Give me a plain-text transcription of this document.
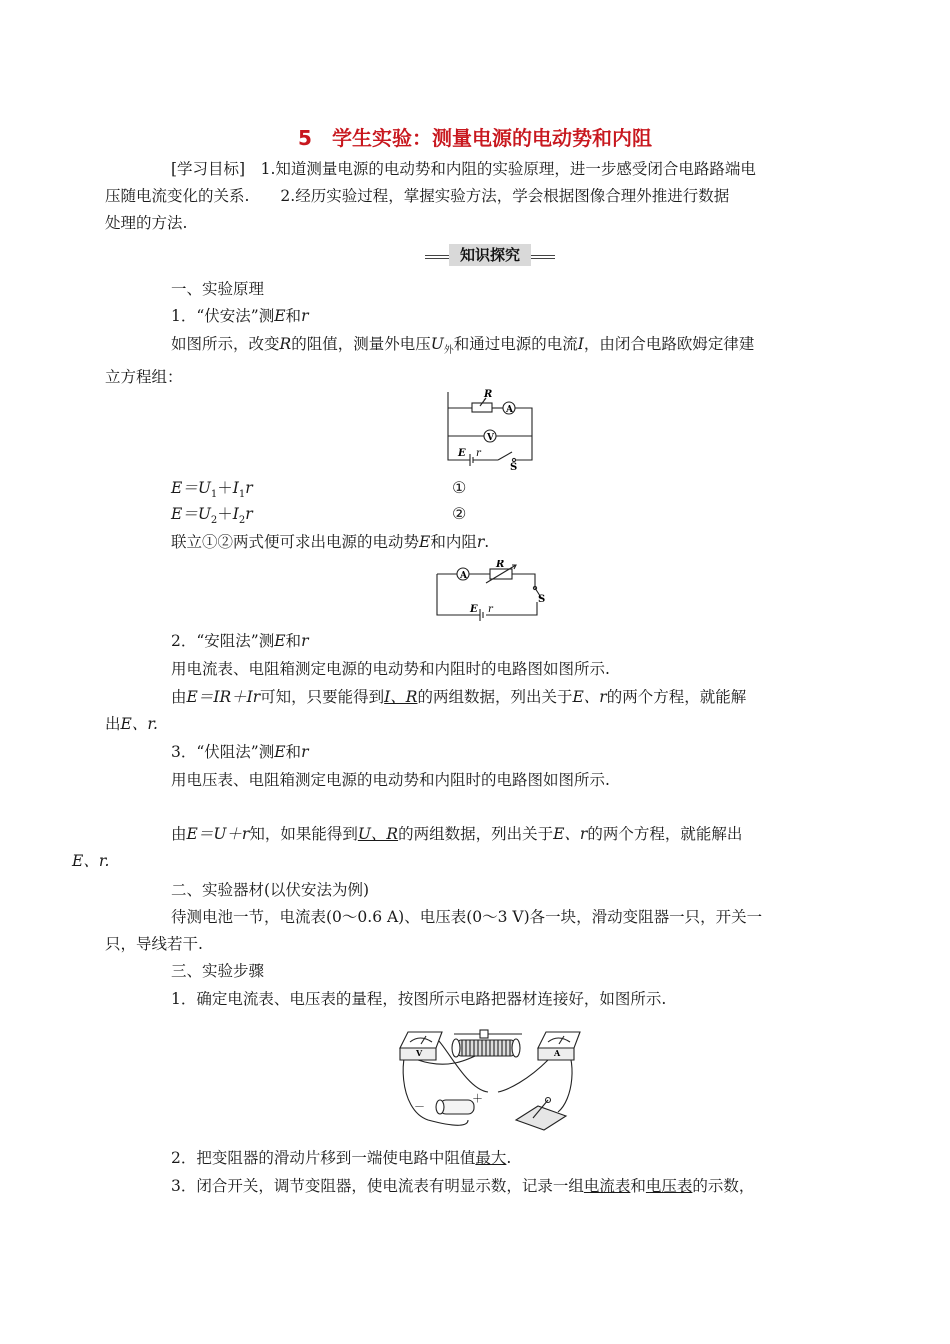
5　学生实验：测量电源的电动势和内阻

[学习目标]　 1.知道测量电源的电动势和内阻的实验原理，进一步感受闭合电路路端电
压随电流变化的关系.　　2.经历实验过程，掌握实验方法，学会根据图像合理外推进行数据
处理的方法.

知识探究

一、实验原理

1．“伏安法”测E和r

如图所示，改变R的阻值，测量外电压$U_外$和通过电源的电流I，由闭合电路欧姆定律建
立方程组：

R
A
V
E r
S
$E=U_1+I_1r$	①
$E=U_2+I_2r$	②

联立①②两式便可求出电源的电动势E和内阻r.

A
R
S
E r

2．“安阻法”测E和r

用电流表、电阻箱测定电源的电动势和内阻时的电路图如图所示.

由E＝IR＋Ir可知，只要能得到I、R的两组数据，列出关于E、r的两个方程，就能解
出E、r.

3．“伏阻法”测E和r

用电压表、电阻箱测定电源的电动势和内阻时的电路图如图所示.

由E＝U＋r知，如果能得到U、R的两组数据，列出关于E、r的两个方程，就能解出
E、r.

二、实验器材(以伏安法为例)

待测电池一节，电流表(0～0.6 A)、电压表(0～3 V)各一块，滑动变阻器一只，开关一
只，导线若干.

三、实验步骤

1．确定电流表、电压表的量程，按图所示电路把器材连接好，如图所示.

V	A
－
＋

2．把变阻器的滑动片移到一端使电路中阻值最大.

3．闭合开关，调节变阻器，使电流表有明显示数，记录一组电流表和电压表的示数，
